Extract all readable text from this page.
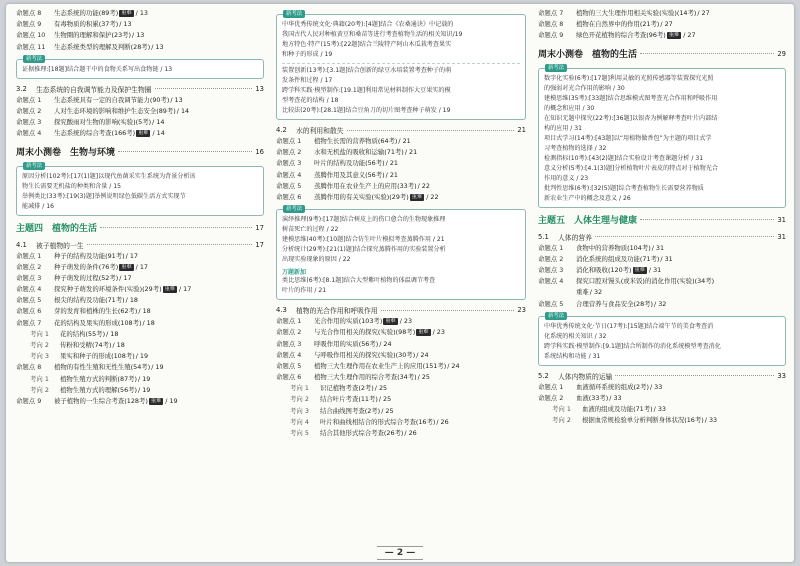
命题点 8	生态系统的功能(89考) 重难 / 13
命题点 9	有毒物质的积累(37考) / 13
命题点 10	生物圈的理解和保护(23考) / 13
命题点 11	生态系统类型的理解及判断(28考) / 13
新考法

证据推理:[18题]结合题干中的食物关系写出食物链 / 13

3.2	生态系统的自我调节能力及保护生物圈	13
命题点 1	生态系统具有一定的自我调节能力(90考) / 13
命题点 2	人对生态环境的影响和维护生态安全(89考) / 14
命题点 3	探究酸雨对生物的影响(实验)(5考) / 14
命题点 4	生态系统的综合考查(166考) 重难 / 14
周末小测卷　生物与环境	16
新考法

原因分析(102考):[17(1)题]以现代鱼菌采实生系统为背景分析该

物生长需要无机盐的种类和含量 / 15

举例类比(33考):[19(3)题]举例说明绿色低碳生活方式实现节

能减排 / 16

主题四　植物的生活	17
4.1	被子植物的一生	17
命题点 1	种子的结构及功能(91考) / 17
命题点 2	种子萌发的条件(76考) 重难 / 17
命题点 3	种子萌发的过程(52考) / 17
命题点 4	探究种子萌发的环境条件(实验)(29考) 重难 / 17
命题点 5	根尖的结构及功能(71考) / 18
命题点 6	芽的发育和植株的生长(62考) / 18
命题点 7	花的结构及果实的形成(108考) / 18
考向 1	花的结构(55考) / 18
考向 2	传粉和受精(74考) / 18
考向 3	果实和种子的形成(108考) / 19
命题点 8	植物的有性生殖和无性生殖(54考) / 19
考向 1	植物生殖方式的判断(87考) / 19
考向 2	植物生殖方式的理解(56考) / 19
命题点 9	被子植物的一生综合考查(128考) 重难 / 19
新考法

中华优秀传统文化·典籍(20考):[4题]结合《农桑通诀》中记载的

我国古代人民对种植黄豆和桑苗等进行考查植物生活的相关知识/19

地方特色·特产(15考):[22题]结合兰陵特产阿山木瓜栽考查果实

和种子的形成 / 19

装置创新(13考):[3.1题]结合创新的绿豆水培装置考查种子的萌

发条件和过程 / 17

跨学科实践·模型制作:[19.1题]利用常见材料制作大豆果实的模

型考查花的结构 / 18

比较法(20考):[28.1题]结合豆角刀的切片图考查种子萌发 / 19

4.2	水的利用和散失	21
命题点 1	植物生长需的营养物质(64考) / 21
命题点 2	水和无机盐的吸收和运输(71考) / 21
命题点 3	叶片的结构及功能(56考) / 21
命题点 4	蒸腾作用及其意义(56考) / 21
命题点 5	蒸腾作用在农业生产上的应用(33考) / 22
命题点 6	蒸腾作用的有关实验(实验)(29考) 重难 / 22
新考法

演绎推理(9考):[17题]结合树皮上的伤口愈合的生物现象推理

树苗死亡的过程 / 22

建模思维(40考):[10题]结合仿生叶片模拟考查蒸腾作用 / 21

分析统计(29考):[21(1)题]结合探究蒸腾作用的实验装置分析

出现实验现象的原因 / 22

万题新加

类比思维(6考):[8.1题]结合大型紫叶植物的体温调节考查

叶片的作用 / 21

4.3	植物的光合作用和呼吸作用	23
命题点 1	光合作用的实质(103考) 重难 / 23
命题点 2	与光合作用相关的探究(实验)(98考) 重难 / 23
命题点 3	呼吸作用的实质(56考) / 24
命题点 4	与呼吸作用相关的探究(实验)(30考) / 24
命题点 5	植物三大生理作用在农业生产上的应用(151考) / 24
命题点 6	植物三大生理作用的综合考查(34考) / 25
考向 1	识记植物考查(2考) / 25
考向 2	结合叶片考查(11考) / 25
考向 3	结合曲线图考查(2考) / 25
考向 4	叶片和曲线相结合的形式综合考查(16考) / 26
考向 5	结合其他形式综合考查(26考) / 26
命题点 7	植物的三大生理作用相关实验(实验)(14考) / 27
命题点 8	植物在自然界中的作用(21考) / 27
命题点 9	绿色开花植物的综合考查(96考) 重难 / 27
周末小测卷　植物的生活	29
新考法

数字化实验(6考):[17题]利用灵敏的光照传感器等装置探究光照

的强弱对光合作用的影响 / 30

建模思维(35考):[33题]结合思维模式图考查光合作用和呼吸作用

的概念和应用 / 30

在知识无题中探究(22考):[36题]以银杏为例解释考查叶片内部结

构的应用 / 31

项目式学习(14考):[43题]以“用植物做香包”为主题的项目式学

习考查植物的选择 / 32

检测指标(10考):[43(2)题]结合实验设计考查课题分析 / 31

意义分析(5考):[4.1(3)题]分析植物叶片表皮的特点对于植物光合

作用的意义 / 23

批判性思维(6考):[32(5)题]综合考查植物生长需要营养物质

新农业生产中的概念及意义 / 26

主题五　人体生理与健康	31
5.1	人体的营养	31
命题点 1	食物中的营养物质(104考) / 31
命题点 2	消化系统的组成及功能(71考) / 31
命题点 3	消化和吸收(120考) 重难 / 31
命题点 4	探究口腔对馒头(或米饭)的消化作用(实验)(34考)
重难 / 32
命题点 5	合理营养与食品安全(28考) / 32
新考法

中华优秀传统文化·节日(17考):[15题]结合端午节的美食考查消

化系统的相关知识 / 32

跨学科实践·模型制作:[9.1题]结合所制作的消化系统模型考查消化

系统结构和功能 / 31

5.2	人体内物质的运输	33
命题点 1	血液循环系统的组成(2考) / 33
命题点 2	血液(33考) / 33
考向 1	血液的组成及功能(71考) / 33
考向 2	根据血常规检验单分析判断身体状况(16考) / 33
— 2 —
